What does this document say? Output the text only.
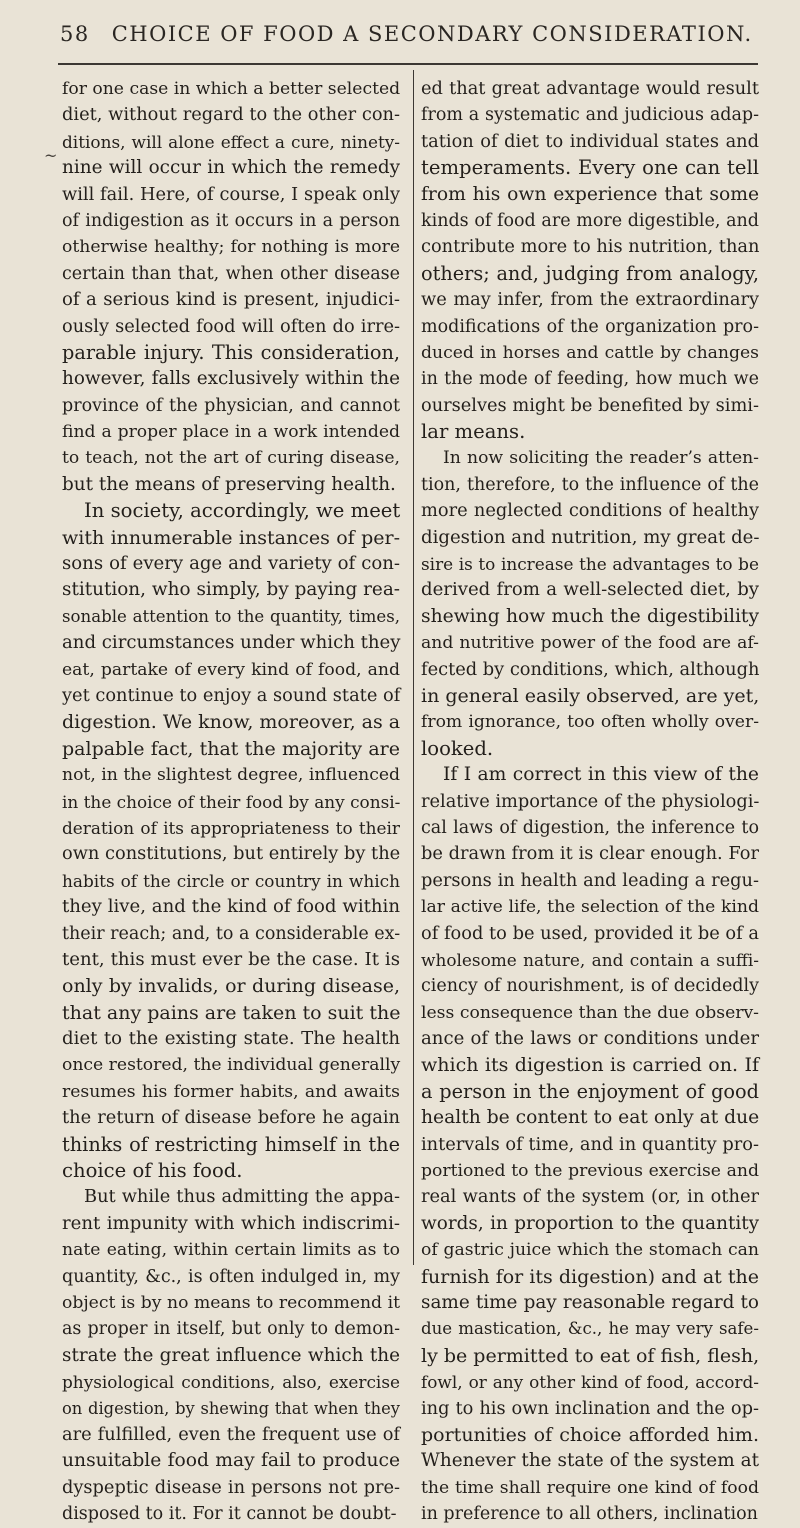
58 CHOICE OF FOOD A SECONDARY CONSIDERATION.
~
for one case in which a better selected
diet, without regard to the other con-
ditions, will alone effect a cure, ninety-
nine will occur in which the remedy
will fail. Here, of course, I speak only
of indigestion as it occurs in a person
otherwise healthy; for nothing is more
certain than that, when other disease
of a serious kind is present, injudici-
ously selected food will often do irre-
parable injury. This consideration,
however, falls exclusively within the
province of the physician, and cannot
find a proper place in a work intended
to teach, not the art of curing disease,
but the means of preserving health.
In society, accordingly, we meet
with innumerable instances of per-
sons of every age and variety of con-
stitution, who simply, by paying rea-
sonable attention to the quantity, times,
and circumstances under which they
eat, partake of every kind of food, and
yet continue to enjoy a sound state of
digestion. We know, moreover, as a
palpable fact, that the majority are
not, in the slightest degree, influenced
in the choice of their food by any consi-
deration of its appropriateness to their
own constitutions, but entirely by the
habits of the circle or country in which
they live, and the kind of food within
their reach; and, to a considerable ex-
tent, this must ever be the case. It is
only by invalids, or during disease,
that any pains are taken to suit the
diet to the existing state. The health
once restored, the individual generally
resumes his former habits, and awaits
the return of disease before he again
thinks of restricting himself in the
choice of his food.
But while thus admitting the appa-
rent impunity with which indiscrimi-
nate eating, within certain limits as to
quantity, &c., is often indulged in, my
object is by no means to recommend it
as proper in itself, but only to demon-
strate the great influence which the
physiological conditions, also, exercise
on digestion, by shewing that when they
are fulfilled, even the frequent use of
unsuitable food may fail to produce
dyspeptic disease in persons not pre-
disposed to it. For it cannot be doubt-
ed that great advantage would result
from a systematic and judicious adap-
tation of diet to individual states and
temperaments. Every one can tell
from his own experience that some
kinds of food are more digestible, and
contribute more to his nutrition, than
others; and, judging from analogy,
we may infer, from the extraordinary
modifications of the organization pro-
duced in horses and cattle by changes
in the mode of feeding, how much we
ourselves might be benefited by simi-
lar means.
In now soliciting the reader’s atten-
tion, therefore, to the influence of the
more neglected conditions of healthy
digestion and nutrition, my great de-
sire is to increase the advantages to be
derived from a well-selected diet, by
shewing how much the digestibility
and nutritive power of the food are af-
fected by conditions, which, although
in general easily observed, are yet,
from ignorance, too often wholly over-
looked.
If I am correct in this view of the
relative importance of the physiologi-
cal laws of digestion, the inference to
be drawn from it is clear enough. For
persons in health and leading a regu-
lar active life, the selection of the kind
of food to be used, provided it be of a
wholesome nature, and contain a suffi-
ciency of nourishment, is of decidedly
less consequence than the due observ-
ance of the laws or conditions under
which its digestion is carried on. If
a person in the enjoyment of good
health be content to eat only at due
intervals of time, and in quantity pro-
portioned to the previous exercise and
real wants of the system (or, in other
words, in proportion to the quantity
of gastric juice which the stomach can
furnish for its digestion) and at the
same time pay reasonable regard to
due mastication, &c., he may very safe-
ly be permitted to eat of fish, flesh,
fowl, or any other kind of food, accord-
ing to his own inclination and the op-
portunities of choice afforded him.
Whenever the state of the system at
the time shall require one kind of food
in preference to all others, inclination
